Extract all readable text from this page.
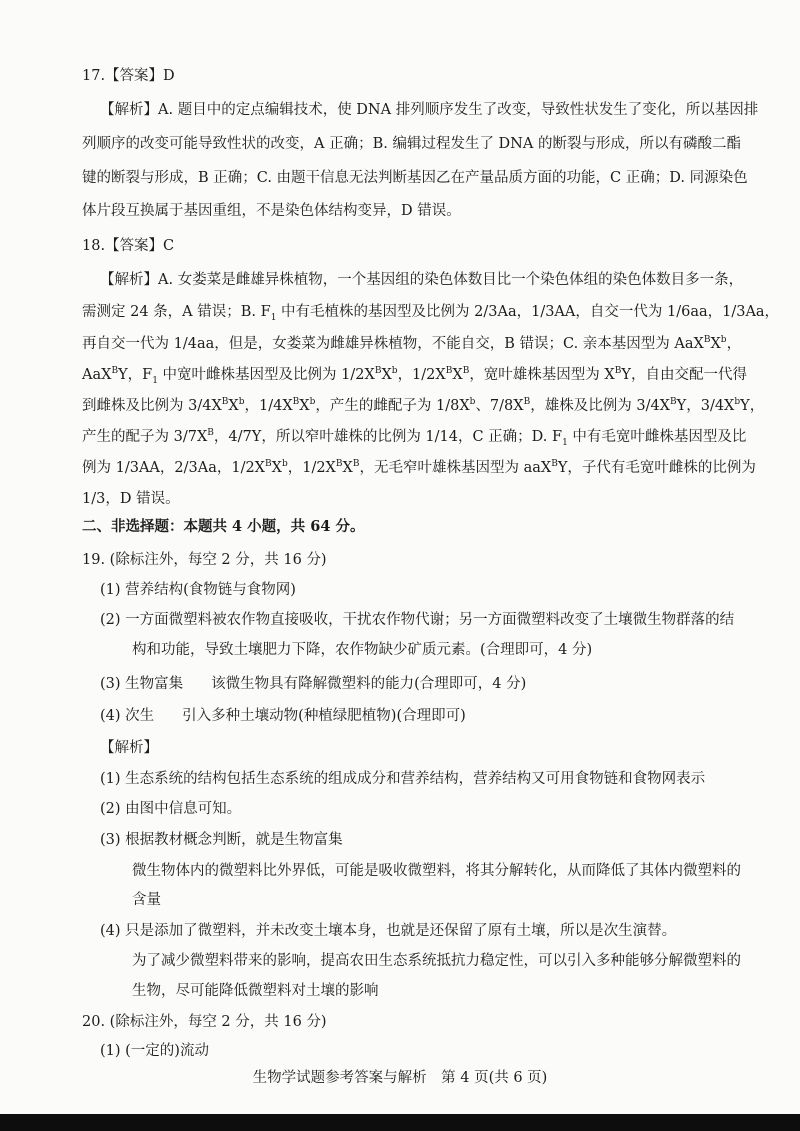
17.【答案】D
【解析】A. 题目中的定点编辑技术，使 DNA 排列顺序发生了改变，导致性状发生了变化，所以基因排
列顺序的改变可能导致性状的改变，A 正确；B. 编辑过程发生了 DNA 的断裂与形成，所以有磷酸二酯
键的断裂与形成，B 正确；C. 由题干信息无法判断基因乙在产量品质方面的功能，C 正确；D. 同源染色
体片段互换属于基因重组，不是染色体结构变异，D 错误。
18.【答案】C
【解析】A. 女娄菜是雌雄异株植物，一个基因组的染色体数目比一个染色体组的染色体数目多一条，
需测定 24 条，A 错误；B. $F_1$ 中有毛植株的基因型及比例为 2/3Aa，1/3AA，自交一代为 1/6aa，1/3Aa，
再自交一代为 1/4aa，但是，女娄菜为雌雄异株植物，不能自交，B 错误；C. 亲本基因型为 $AaX^BX^b$，
AaX$^B$Y，$F_1$ 中宽叶雌株基因型及比例为 $1/2X^BX^b$，$1/2X^BX^B$，宽叶雄株基因型为 $X^BY$，自由交配一代得
到雌株及比例为 $3/4X^BX^b$，$1/4X^BX^b$，产生的雌配子为 $1/8X^b$、$7/8X^B$，雄株及比例为 $3/4X^BY$，$3/4X^bY$，
产生的配子为 $3/7X^B$，4/7Y，所以窄叶雄株的比例为 1/14，C 正确；D. $F_1$ 中有毛宽叶雌株基因型及比
例为 1/3AA，2/3Aa，$1/2X^BX^b$，$1/2X^BX^B$，无毛窄叶雄株基因型为 aaX$^B$Y，子代有毛宽叶雌株的比例为
1/3，D 错误。
二、非选择题：本题共 4 小题，共 64 分。
19. (除标注外，每空 2 分，共 16 分)
(1) 营养结构(食物链与食物网)
(2) 一方面微塑料被农作物直接吸收，干扰农作物代谢；另一方面微塑料改变了土壤微生物群落的结
构和功能，导致土壤肥力下降，农作物缺少矿质元素。(合理即可，4 分)
(3) 生物富集 该微生物具有降解微塑料的能力(合理即可，4 分)
(4) 次生 引入多种土壤动物(种植绿肥植物)(合理即可)
【解析】
(1) 生态系统的结构包括生态系统的组成成分和营养结构，营养结构又可用食物链和食物网表示
(2) 由图中信息可知。
(3) 根据教材概念判断，就是生物富集
微生物体内的微塑料比外界低，可能是吸收微塑料，将其分解转化，从而降低了其体内微塑料的
含量
(4) 只是添加了微塑料，并未改变土壤本身，也就是还保留了原有土壤，所以是次生演替。
为了减少微塑料带来的影响，提高农田生态系统抵抗力稳定性，可以引入多种能够分解微塑料的
生物，尽可能降低微塑料对土壤的影响
20. (除标注外，每空 2 分，共 16 分)
(1) (一定的)流动
生物学试题参考答案与解析　第 4 页(共 6 页)
